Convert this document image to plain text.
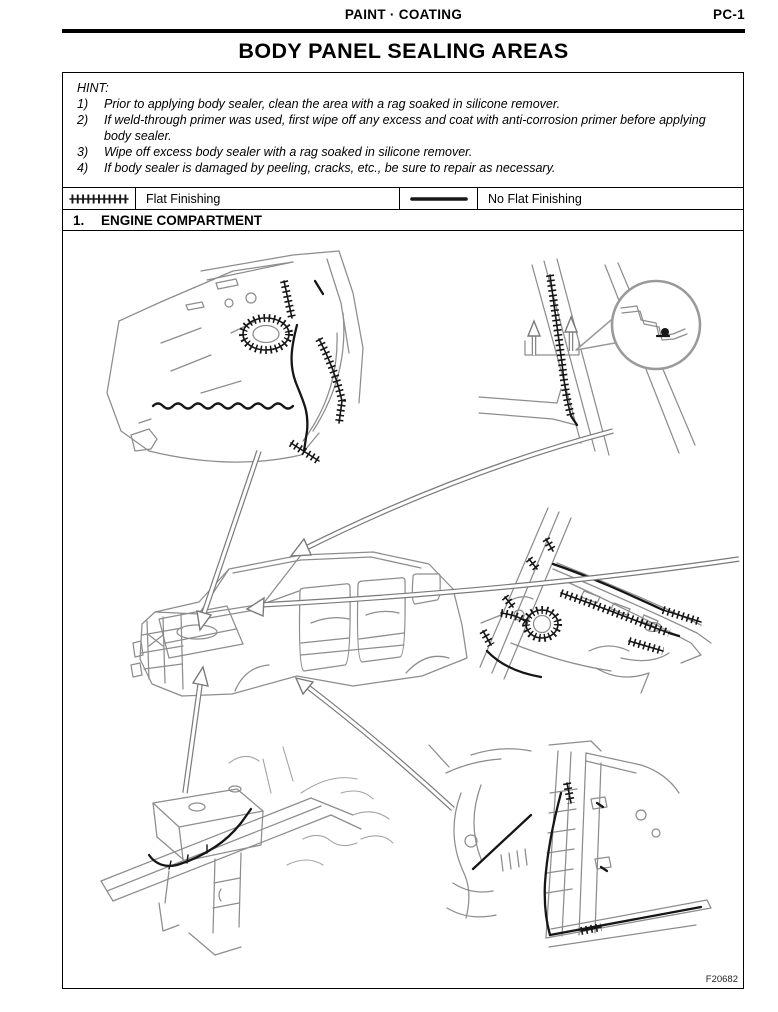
PAINT · COATING	PC-1
BODY PANEL SEALING AREAS
HINT:
1)	Prior to applying body sealer, clean the area with a rag soaked in silicone remover.
2)	If weld-through primer was used, first wipe off any excess and coat with anti-corrosion primer before applying body sealer.
3)	Wipe off excess body sealer with a rag soaked in silicone remover.
4)	If body sealer is damaged by peeling, cracks, etc., be sure to repair as necessary.
Flat Finishing	No Flat Finishing
1.	ENGINE COMPARTMENT
F20682
